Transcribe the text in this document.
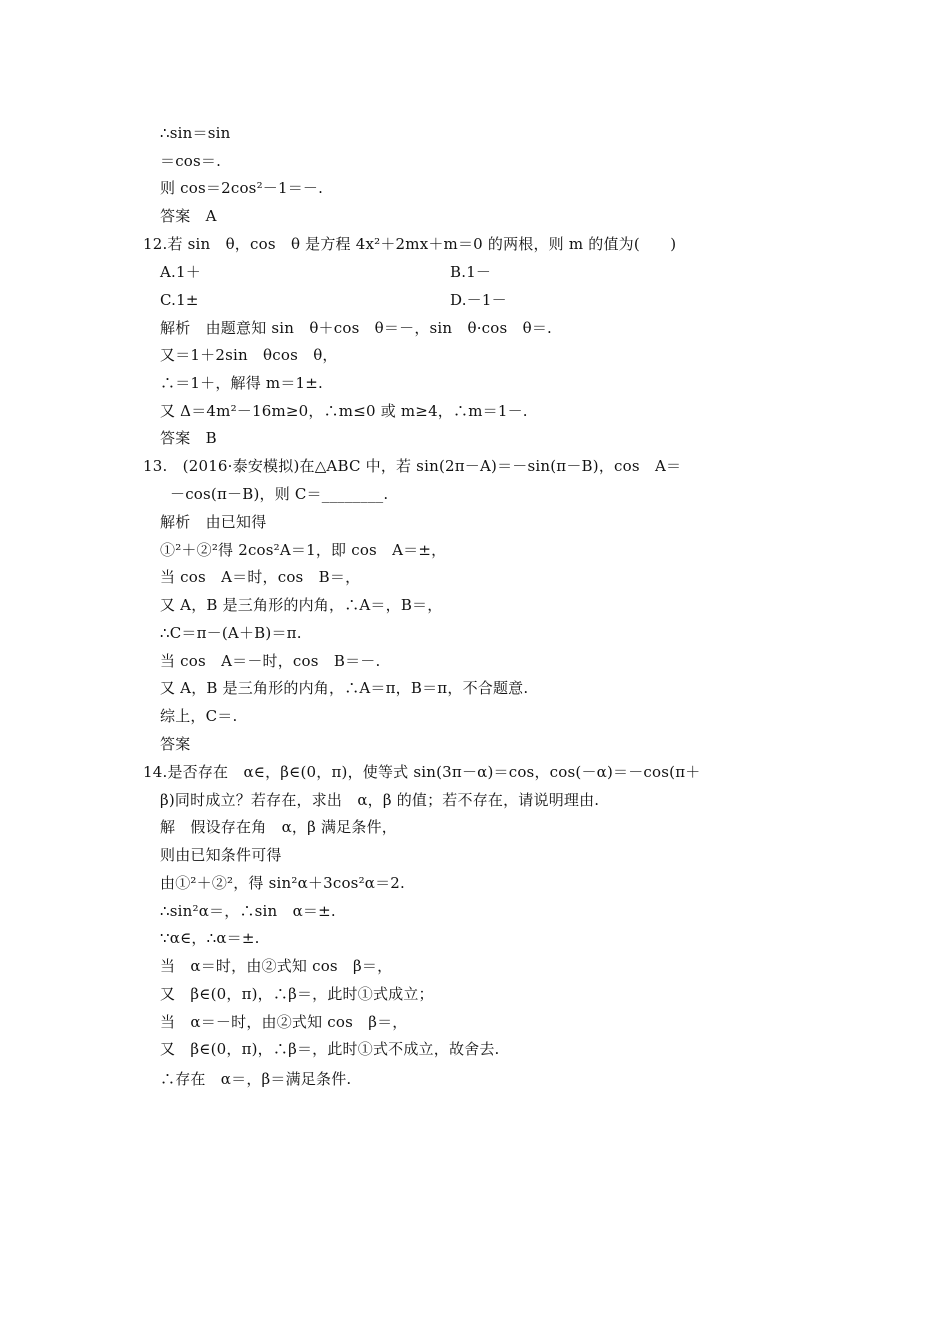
∴sin＝sin
＝cos＝.
则 cos＝2cos²－1＝－.
答案　A
12.若 sin　θ，cos　θ 是方程 4x²＋2mx＋m＝0 的两根，则 m 的值为(　　)
A.1＋	B.1－
C.1±	D.－1－
解析　由题意知 sin　θ＋cos　θ＝－，sin　θ·cos　θ＝.
又＝1＋2sin　θcos　θ，
∴＝1＋，解得 m＝1±.
又 Δ＝4m²－16m≥0，∴m≤0 或 m≥4，∴m＝1－.
答案　B
13.　(2016·泰安模拟)在△ABC 中，若 sin(2π－A)＝－sin(π－B)，cos　A＝
－cos(π－B)，则 C＝________.
解析　由已知得
①²＋②²得 2cos²A＝1，即 cos　A＝±，
当 cos　A＝时，cos　B＝，
又 A，B 是三角形的内角，∴A＝，B＝，
∴C＝π－(A＋B)＝π.
当 cos　A＝－时，cos　B＝－.
又 A，B 是三角形的内角，∴A＝π，B＝π，不合题意.
综上，C＝.
答案
14.是否存在　α∈，β∈(0，π)，使等式 sin(3π－α)＝cos，cos(－α)＝－cos(π＋
β)同时成立？若存在，求出　α，β 的值；若不存在，请说明理由.
解　假设存在角　α，β 满足条件，
则由已知条件可得
由①²＋②²，得 sin²α＋3cos²α＝2.
∴sin²α＝，∴sin　α＝±.
∵α∈，∴α＝±.
当　α＝时，由②式知 cos　β＝，
又　β∈(0，π)，∴β＝，此时①式成立；
当　α＝－时，由②式知 cos　β＝，
又　β∈(0，π)，∴β＝，此时①式不成立，故舍去.
∴存在　α＝，β＝满足条件.
